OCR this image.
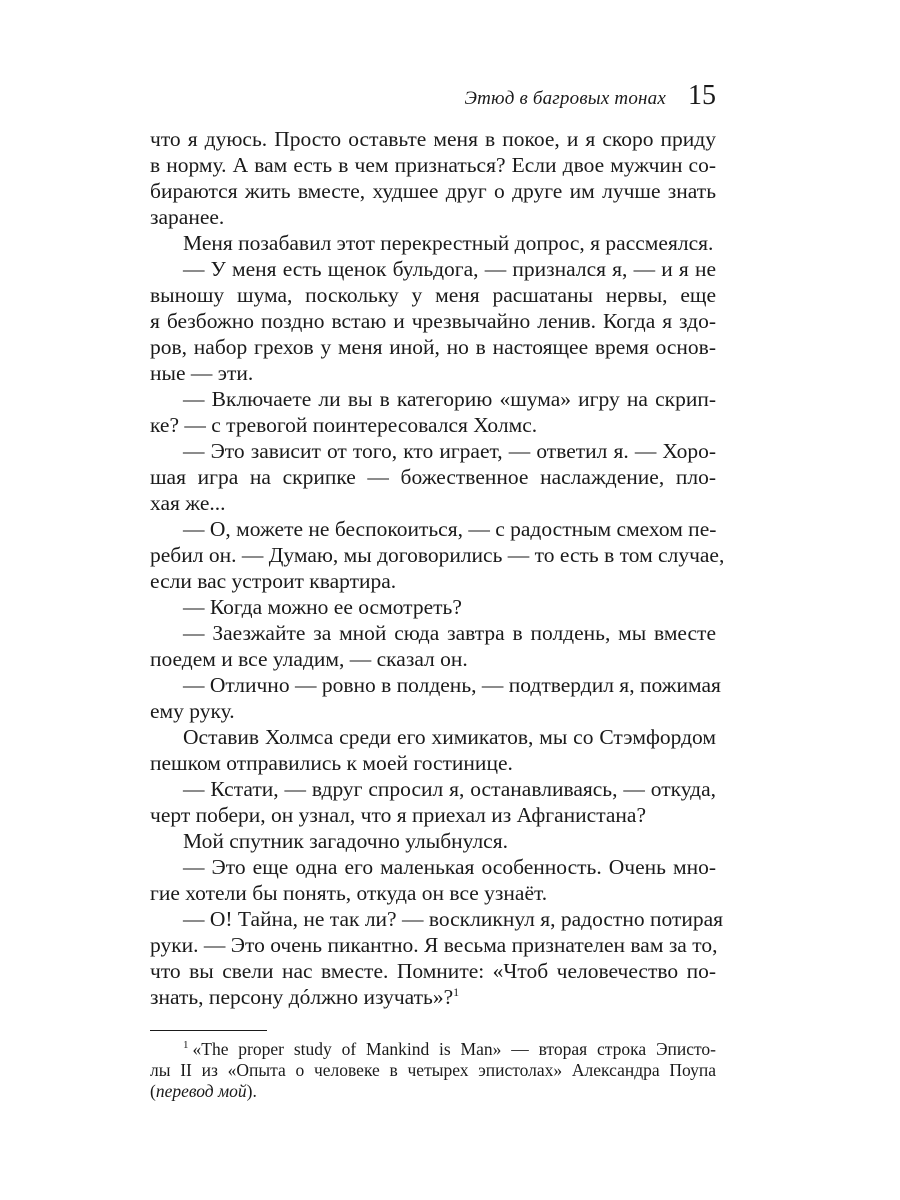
Этюд в багровых тонах 15
что я дуюсь. Просто оставьте меня в покое, и я скоро приду
в норму. А вам есть в чем признаться? Если двое мужчин со-
бираются жить вместе, худшее друг о друге им лучше знать
заранее.
Меня позабавил этот перекрестный допрос, я рассмеялся.
— У меня есть щенок бульдога, — признался я, — и я не
выношу шума, поскольку у меня расшатаны нервы, еще
я безбожно поздно встаю и чрезвычайно ленив. Когда я здо-
ров, набор грехов у меня иной, но в настоящее время основ-
ные — эти.
— Включаете ли вы в категорию «шума» игру на скрип-
ке? — с тревогой поинтересовался Холмс.
— Это зависит от того, кто играет, — ответил я. — Хоро-
шая игра на скрипке — божественное наслаждение, пло-
хая же...
— О, можете не беспокоиться, — с радостным смехом пе-
ребил он. — Думаю, мы договорились — то есть в том случае,
если вас устроит квартира.
— Когда можно ее осмотреть?
— Заезжайте за мной сюда завтра в полдень, мы вместе
поедем и все уладим, — сказал он.
— Отлично — ровно в полдень, — подтвердил я, пожимая
ему руку.
Оставив Холмса среди его химикатов, мы со Стэмфордом
пешком отправились к моей гостинице.
— Кстати, — вдруг спросил я, останавливаясь, — откуда,
черт побери, он узнал, что я приехал из Афганистана?
Мой спутник загадочно улыбнулся.
— Это еще одна его маленькая особенность. Очень мно-
гие хотели бы понять, откуда он все узнаёт.
— О! Тайна, не так ли? — воскликнул я, радостно потирая
руки. — Это очень пикантно. Я весьма признателен вам за то,
что вы свели нас вместе. Помните: «Чтоб человечество по-
знать, персону дóлжно изучать»?$^1$
$^1$ «The proper study of Mankind is Man» — вторая строка Эписто-
лы II из «Опыта о человеке в четырех эпистолах» Александра Поупа
(перевод мой).
